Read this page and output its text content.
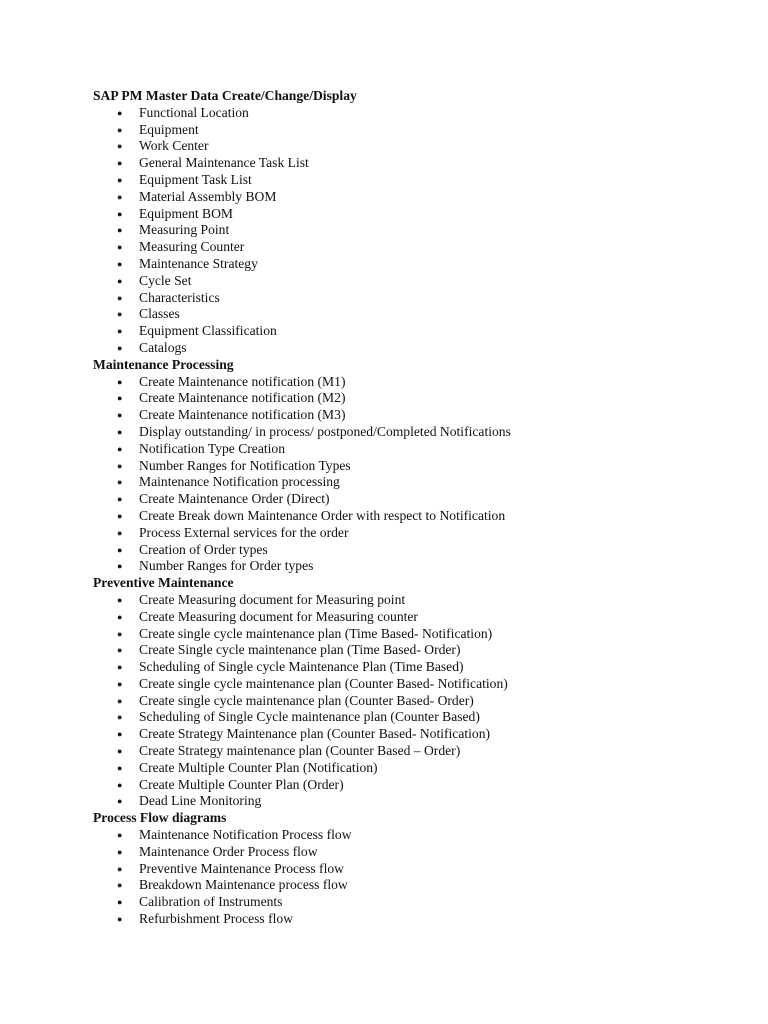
SAP PM Master Data Create/Change/Display

● Functional Location
● Equipment
● Work Center
● General Maintenance Task List
● Equipment Task List
● Material Assembly BOM
● Equipment BOM
● Measuring Point
● Measuring Counter
● Maintenance Strategy
● Cycle Set
● Characteristics
● Classes
● Equipment Classification
● Catalogs

Maintenance Processing

● Create Maintenance notification (M1)
● Create Maintenance notification (M2)
● Create Maintenance notification (M3)
● Display outstanding/ in process/ postponed/Completed Notifications
● Notification Type Creation
● Number Ranges for Notification Types
● Maintenance Notification processing
● Create Maintenance Order (Direct)
● Create Break down Maintenance Order with respect to Notification
● Process External services for the order
● Creation of Order types
● Number Ranges for Order types

Preventive Maintenance

● Create Measuring document for Measuring point
● Create Measuring document for Measuring counter
● Create single cycle maintenance plan (Time Based- Notification)
● Create Single cycle maintenance plan (Time Based- Order)
● Scheduling of Single cycle Maintenance Plan (Time Based)
● Create single cycle maintenance plan (Counter Based- Notification)
● Create single cycle maintenance plan (Counter Based- Order)
● Scheduling of Single Cycle maintenance plan (Counter Based)
● Create Strategy Maintenance plan (Counter Based- Notification)
● Create Strategy maintenance plan (Counter Based – Order)
● Create Multiple Counter Plan (Notification)
● Create Multiple Counter Plan (Order)
● Dead Line Monitoring

Process Flow diagrams

● Maintenance Notification Process flow
● Maintenance Order Process flow
● Preventive Maintenance Process flow
● Breakdown Maintenance process flow
● Calibration of Instruments
● Refurbishment Process flow
